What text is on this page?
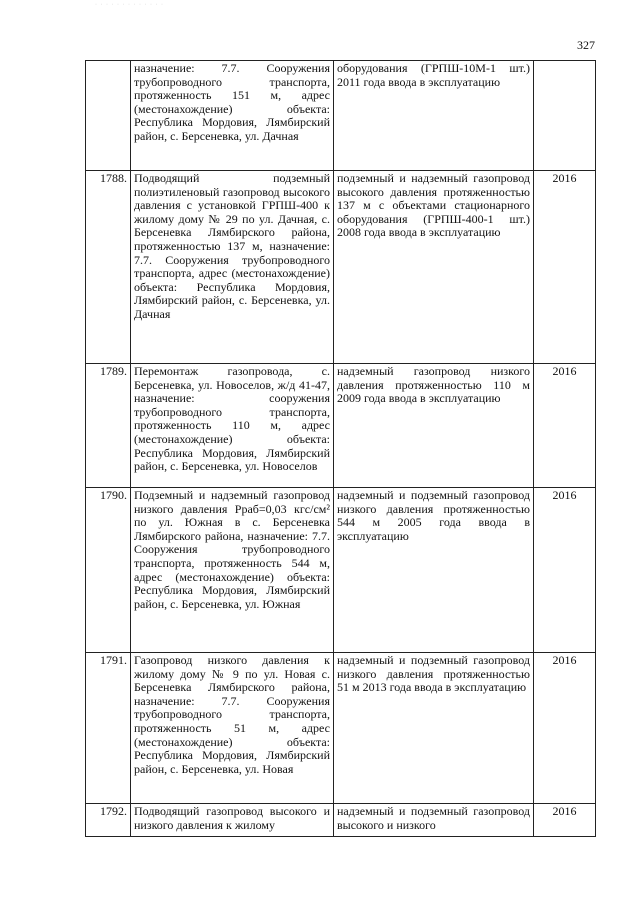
· · · · · · · · · · · · ·
327
	назначение: 7.7. Сооружения трубопроводного транспорта, протяженность 151 м, адрес (местонахождение) объекта: Республика Мордовия, Лямбирский район, с. Берсеневка, ул. Дачная	оборудования (ГРПШ-10М-1 шт.) 2011 года ввода в эксплуатацию	
1788.	Подводящий подземный полиэтиленовый газопровод высокого давления с установкой ГРПШ-400 к жилому дому № 29 по ул. Дачная, с. Берсеневка Лямбирского района, протяженностью 137 м, назначение: 7.7. Сооружения трубопроводного транспорта, адрес (местонахождение) объекта: Республика Мордовия, Лямбирский район, с. Берсеневка, ул. Дачная	подземный и надземный газопровод высокого давления протяженностью 137 м с объектами стационарного оборудования (ГРПШ-400-1 шт.) 2008 года ввода в эксплуатацию	2016
1789.	Перемонтаж газопровода, с. Берсеневка, ул. Новоселов, ж/д 41-47, назначение: сооружения трубопроводного транспорта, протяженность 110 м, адрес (местонахождение) объекта: Республика Мордовия, Лямбирский район, с. Берсеневка, ул. Новоселов	надземный газопровод низкого давления протяженностью 110 м 2009 года ввода в эксплуатацию	2016
1790.	Подземный и надземный газопровод низкого давления Рраб=0,03 кгс/см² по ул. Южная в с. Берсеневка Лямбирского района, назначение: 7.7. Сооружения трубопроводного транспорта, протяженность 544 м, адрес (местонахождение) объекта: Республика Мордовия, Лямбирский район, с. Берсеневка, ул. Южная	надземный и подземный газопровод низкого давления протяженностью 544 м 2005 года ввода в эксплуатацию	2016
1791.	Газопровод низкого давления к жилому дому № 9 по ул. Новая с. Берсеневка Лямбирского района, назначение: 7.7. Сооружения трубопроводного транспорта, протяженность 51 м, адрес (местонахождение) объекта: Республика Мордовия, Лямбирский район, с. Берсеневка, ул. Новая	надземный и подземный газопровод низкого давления протяженностью 51 м 2013 года ввода в эксплуатацию	2016
1792.	Подводящий газопровод высокого и низкого давления к жилому	надземный и подземный газопровод высокого и низкого	2016
